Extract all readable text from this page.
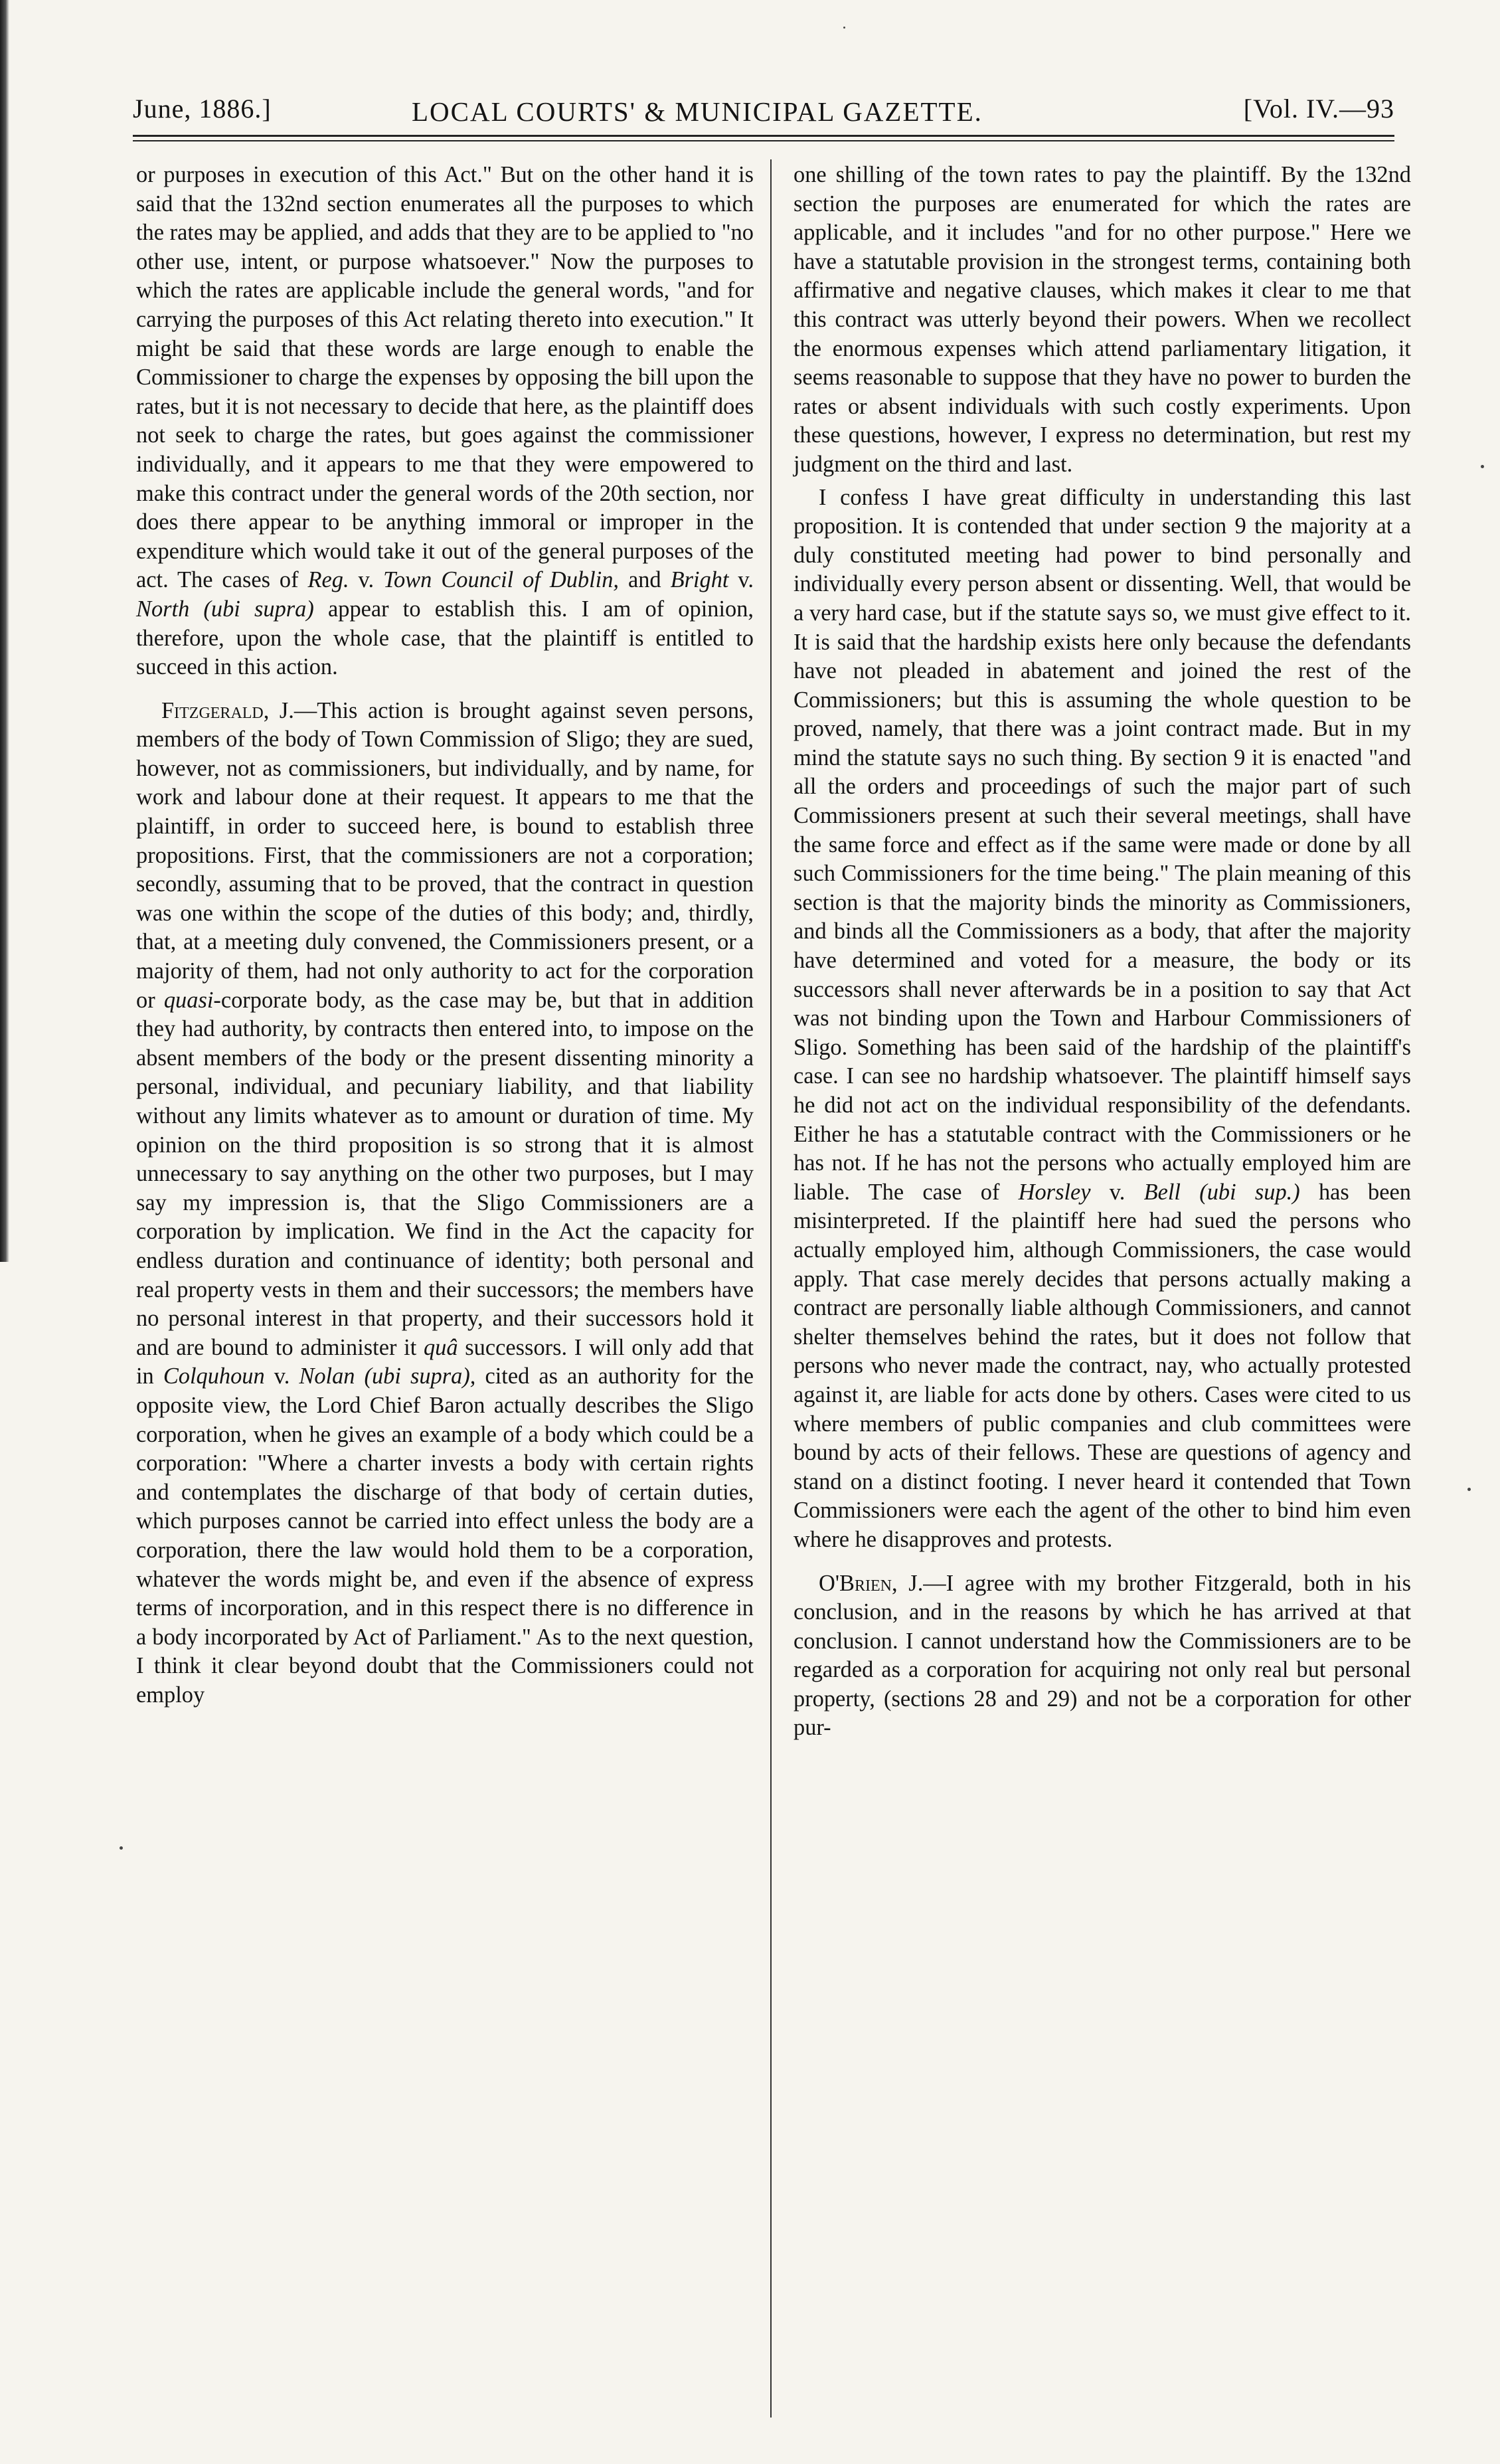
June, 1886.]	LOCAL COURTS' & MUNICIPAL GAZETTE.	[Vol. IV.—93

or purposes in execution of this Act." But on the other hand it is said that the 132nd section enumerates all the purposes to which the rates may be applied, and adds that they are to be applied to "no other use, intent, or purpose whatsoever." Now the purposes to which the rates are applicable include the general words, "and for carrying the purposes of this Act relating thereto into execution." It might be said that these words are large enough to enable the Commissioner to charge the expenses by opposing the bill upon the rates, but it is not necessary to decide that here, as the plaintiff does not seek to charge the rates, but goes against the commissioner individually, and it appears to me that they were empowered to make this contract under the general words of the 20th section, nor does there appear to be anything immoral or improper in the expenditure which would take it out of the general purposes of the act. The cases of Reg. v. Town Council of Dublin, and Bright v. North (ubi supra) appear to establish this. I am of opinion, therefore, upon the whole case, that the plaintiff is entitled to succeed in this action.

Fitzgerald, J.—This action is brought against seven persons, members of the body of Town Commission of Sligo; they are sued, however, not as commissioners, but individually, and by name, for work and labour done at their request. It appears to me that the plaintiff, in order to succeed here, is bound to establish three propositions. First, that the commissioners are not a corporation; secondly, assuming that to be proved, that the contract in question was one within the scope of the duties of this body; and, thirdly, that, at a meeting duly convened, the Commissioners present, or a majority of them, had not only authority to act for the corporation or quasi-corporate body, as the case may be, but that in addition they had authority, by contracts then entered into, to impose on the absent members of the body or the present dissenting minority a personal, individual, and pecuniary liability, and that liability without any limits whatever as to amount or duration of time. My opinion on the third proposition is so strong that it is almost unnecessary to say anything on the other two purposes, but I may say my impression is, that the Sligo Commissioners are a corporation by implication. We find in the Act the capacity for endless duration and continuance of identity; both personal and real property vests in them and their successors; the members have no personal interest in that property, and their successors hold it and are bound to administer it quâ successors. I will only add that in Colquhoun v. Nolan (ubi supra), cited as an authority for the opposite view, the Lord Chief Baron actually describes the Sligo corporation, when he gives an example of a body which could be a corporation: "Where a charter invests a body with certain rights and contemplates the discharge of that body of certain duties, which purposes cannot be carried into effect unless the body are a corporation, there the law would hold them to be a corporation, whatever the words might be, and even if the absence of express terms of incorporation, and in this respect there is no difference in a body incorporated by Act of Parliament." As to the next question, I think it clear beyond doubt that the Commissioners could not employ

one shilling of the town rates to pay the plaintiff. By the 132nd section the purposes are enumerated for which the rates are applicable, and it includes "and for no other purpose." Here we have a statutable provision in the strongest terms, containing both affirmative and negative clauses, which makes it clear to me that this contract was utterly beyond their powers. When we recollect the enormous expenses which attend parliamentary litigation, it seems reasonable to suppose that they have no power to burden the rates or absent individuals with such costly experiments. Upon these questions, however, I express no determination, but rest my judgment on the third and last.

I confess I have great difficulty in understanding this last proposition. It is contended that under section 9 the majority at a duly constituted meeting had power to bind personally and individually every person absent or dissenting. Well, that would be a very hard case, but if the statute says so, we must give effect to it. It is said that the hardship exists here only because the defendants have not pleaded in abatement and joined the rest of the Commissioners; but this is assuming the whole question to be proved, namely, that there was a joint contract made. But in my mind the statute says no such thing. By section 9 it is enacted "and all the orders and proceedings of such the major part of such Commissioners present at such their several meetings, shall have the same force and effect as if the same were made or done by all such Commissioners for the time being." The plain meaning of this section is that the majority binds the minority as Commissioners, and binds all the Commissioners as a body, that after the majority have determined and voted for a measure, the body or its successors shall never afterwards be in a position to say that Act was not binding upon the Town and Harbour Commissioners of Sligo. Something has been said of the hardship of the plaintiff's case. I can see no hardship whatsoever. The plaintiff himself says he did not act on the individual responsibility of the defendants. Either he has a statutable contract with the Commissioners or he has not. If he has not the persons who actually employed him are liable. The case of Horsley v. Bell (ubi sup.) has been misinterpreted. If the plaintiff here had sued the persons who actually employed him, although Commissioners, the case would apply. That case merely decides that persons actually making a contract are personally liable although Commissioners, and cannot shelter themselves behind the rates, but it does not follow that persons who never made the contract, nay, who actually protested against it, are liable for acts done by others. Cases were cited to us where members of public companies and club committees were bound by acts of their fellows. These are questions of agency and stand on a distinct footing. I never heard it contended that Town Commissioners were each the agent of the other to bind him even where he disapproves and protests.

O'Brien, J.—I agree with my brother Fitzgerald, both in his conclusion, and in the reasons by which he has arrived at that conclusion. I cannot understand how the Commissioners are to be regarded as a corporation for acquiring not only real but personal property, (sections 28 and 29) and not be a corporation for other pur-
